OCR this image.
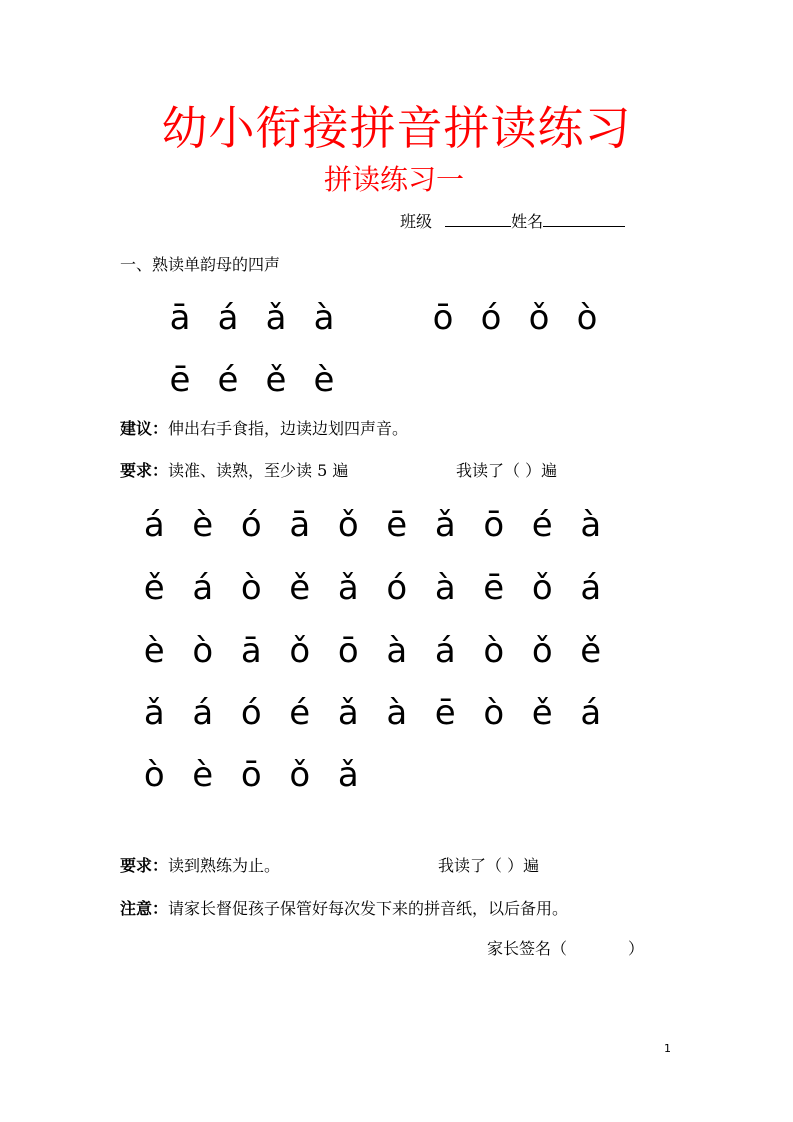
幼小衔接拼音拼读练习
拼读练习一
班级	姓名
一、熟读单韵母的四声
ā á ǎ à	ō ó ǒ ò
ē é ě è
建议：伸出右手食指，边读边划四声音。
要求：读准、读熟，至少读 5 遍	我读了（ ）遍
á è ó ā ǒ ē ǎ ō é à
ě á ò ě ǎ ó à ē ǒ á
è ò ā ǒ ō à á ò ǒ ě
ǎ á ó é ǎ à ē ò ě á
ò è ō ǒ ǎ
要求：读到熟练为止。	我读了（ ）遍
注意：请家长督促孩子保管好每次发下来的拼音纸，以后备用。
家长签名（            ）
1
